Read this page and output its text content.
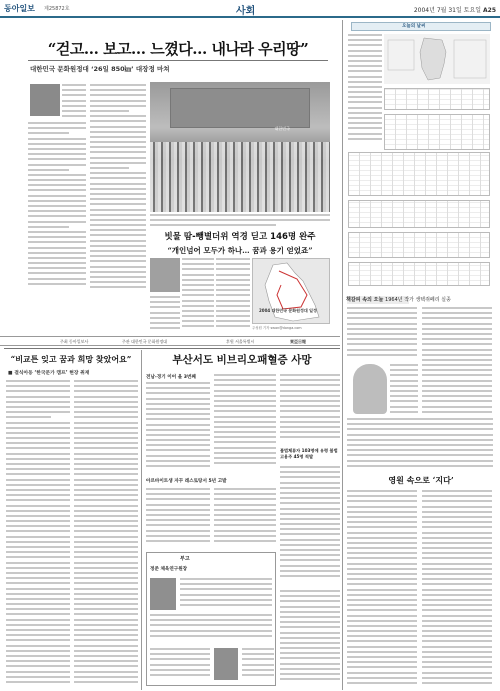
동아일보 제25872호	사회	2004년 7월 31일 토요일 A25
“걷고… 보고… 느꼈다… 내나라 우리땅”
대한민국 문화원정대 ‘26일 850㎞’ 대장정 마쳐
대한민국
빗물 땀-뺑별더위 역경 딛고 146명 완주
“개인넘어 모두가 하나… 꿈과 용기 얻었죠”
2004 대한민국 문화원정대 일정
주성원 기자 swon@donga.com
주최 동아일보사	주관 대한민국 문화원정대	후원 서울특별시	東亞日報
오늘의 날씨
책갈피 속의 오늘 1964년 작가 생텍쥐페리 실종
영원 속으로 ‘지다’
“비교튼 잊고 꿈과 희망 찾았어요”
■ 결식아동 ‘한국문가 캠프’ 현장 취재
부산서도 비브리오패혈증 사망
전남-경기 이어 올 3번째
아르바이트생 자꾸 레스토랑서 5년 고발
불법체류자 103명에 유령 불법고용주 45명 적발
부고
정준 체육연구원장
